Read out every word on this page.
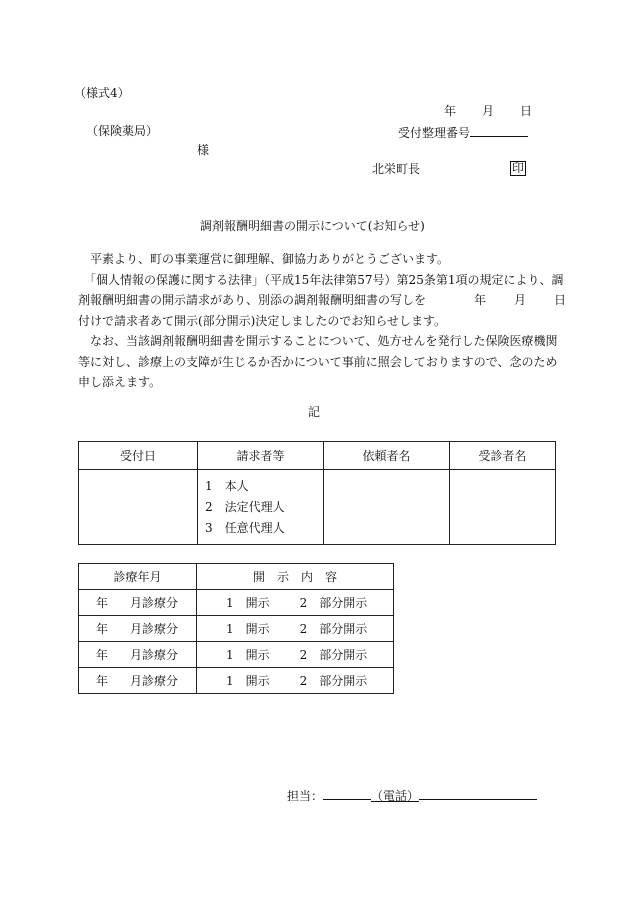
（様式4）
年 月 日
（保険薬局）	受付整理番号
様
北栄町長	印
調剤報酬明細書の開示について(お知らせ)

　平素より、町の事業運営に御理解、御協力ありがとうございます。

　「個人情報の保護に関する法律」（平成15年法律第57号）第25条第1項の規定により、調

剤報酬明細書の開示請求があり、別添の調剤報酬明細書の写しを	年 月 日

付けで請求者あて開示(部分開示)決定しましたのでお知らせします。

　なお、当該調剤報酬明細書を開示することについて、処方せんを発行した保険医療機関

等に対し、診療上の支障が生じるか否かについて事前に照会しておりますので、念のため

申し添えます。

記
受付日	請求者等	依頼者名	受診者名

	1　本人
2　法定代理人
3　任意代理人		

診療年月	開　示　内　容
年 月診療分	1　開示 2　部分開示
年 月診療分	1　開示 2　部分開示
年 月診療分	1　開示 2　部分開示
年 月診療分	1　開示 2　部分開示
担当：	（電話）
